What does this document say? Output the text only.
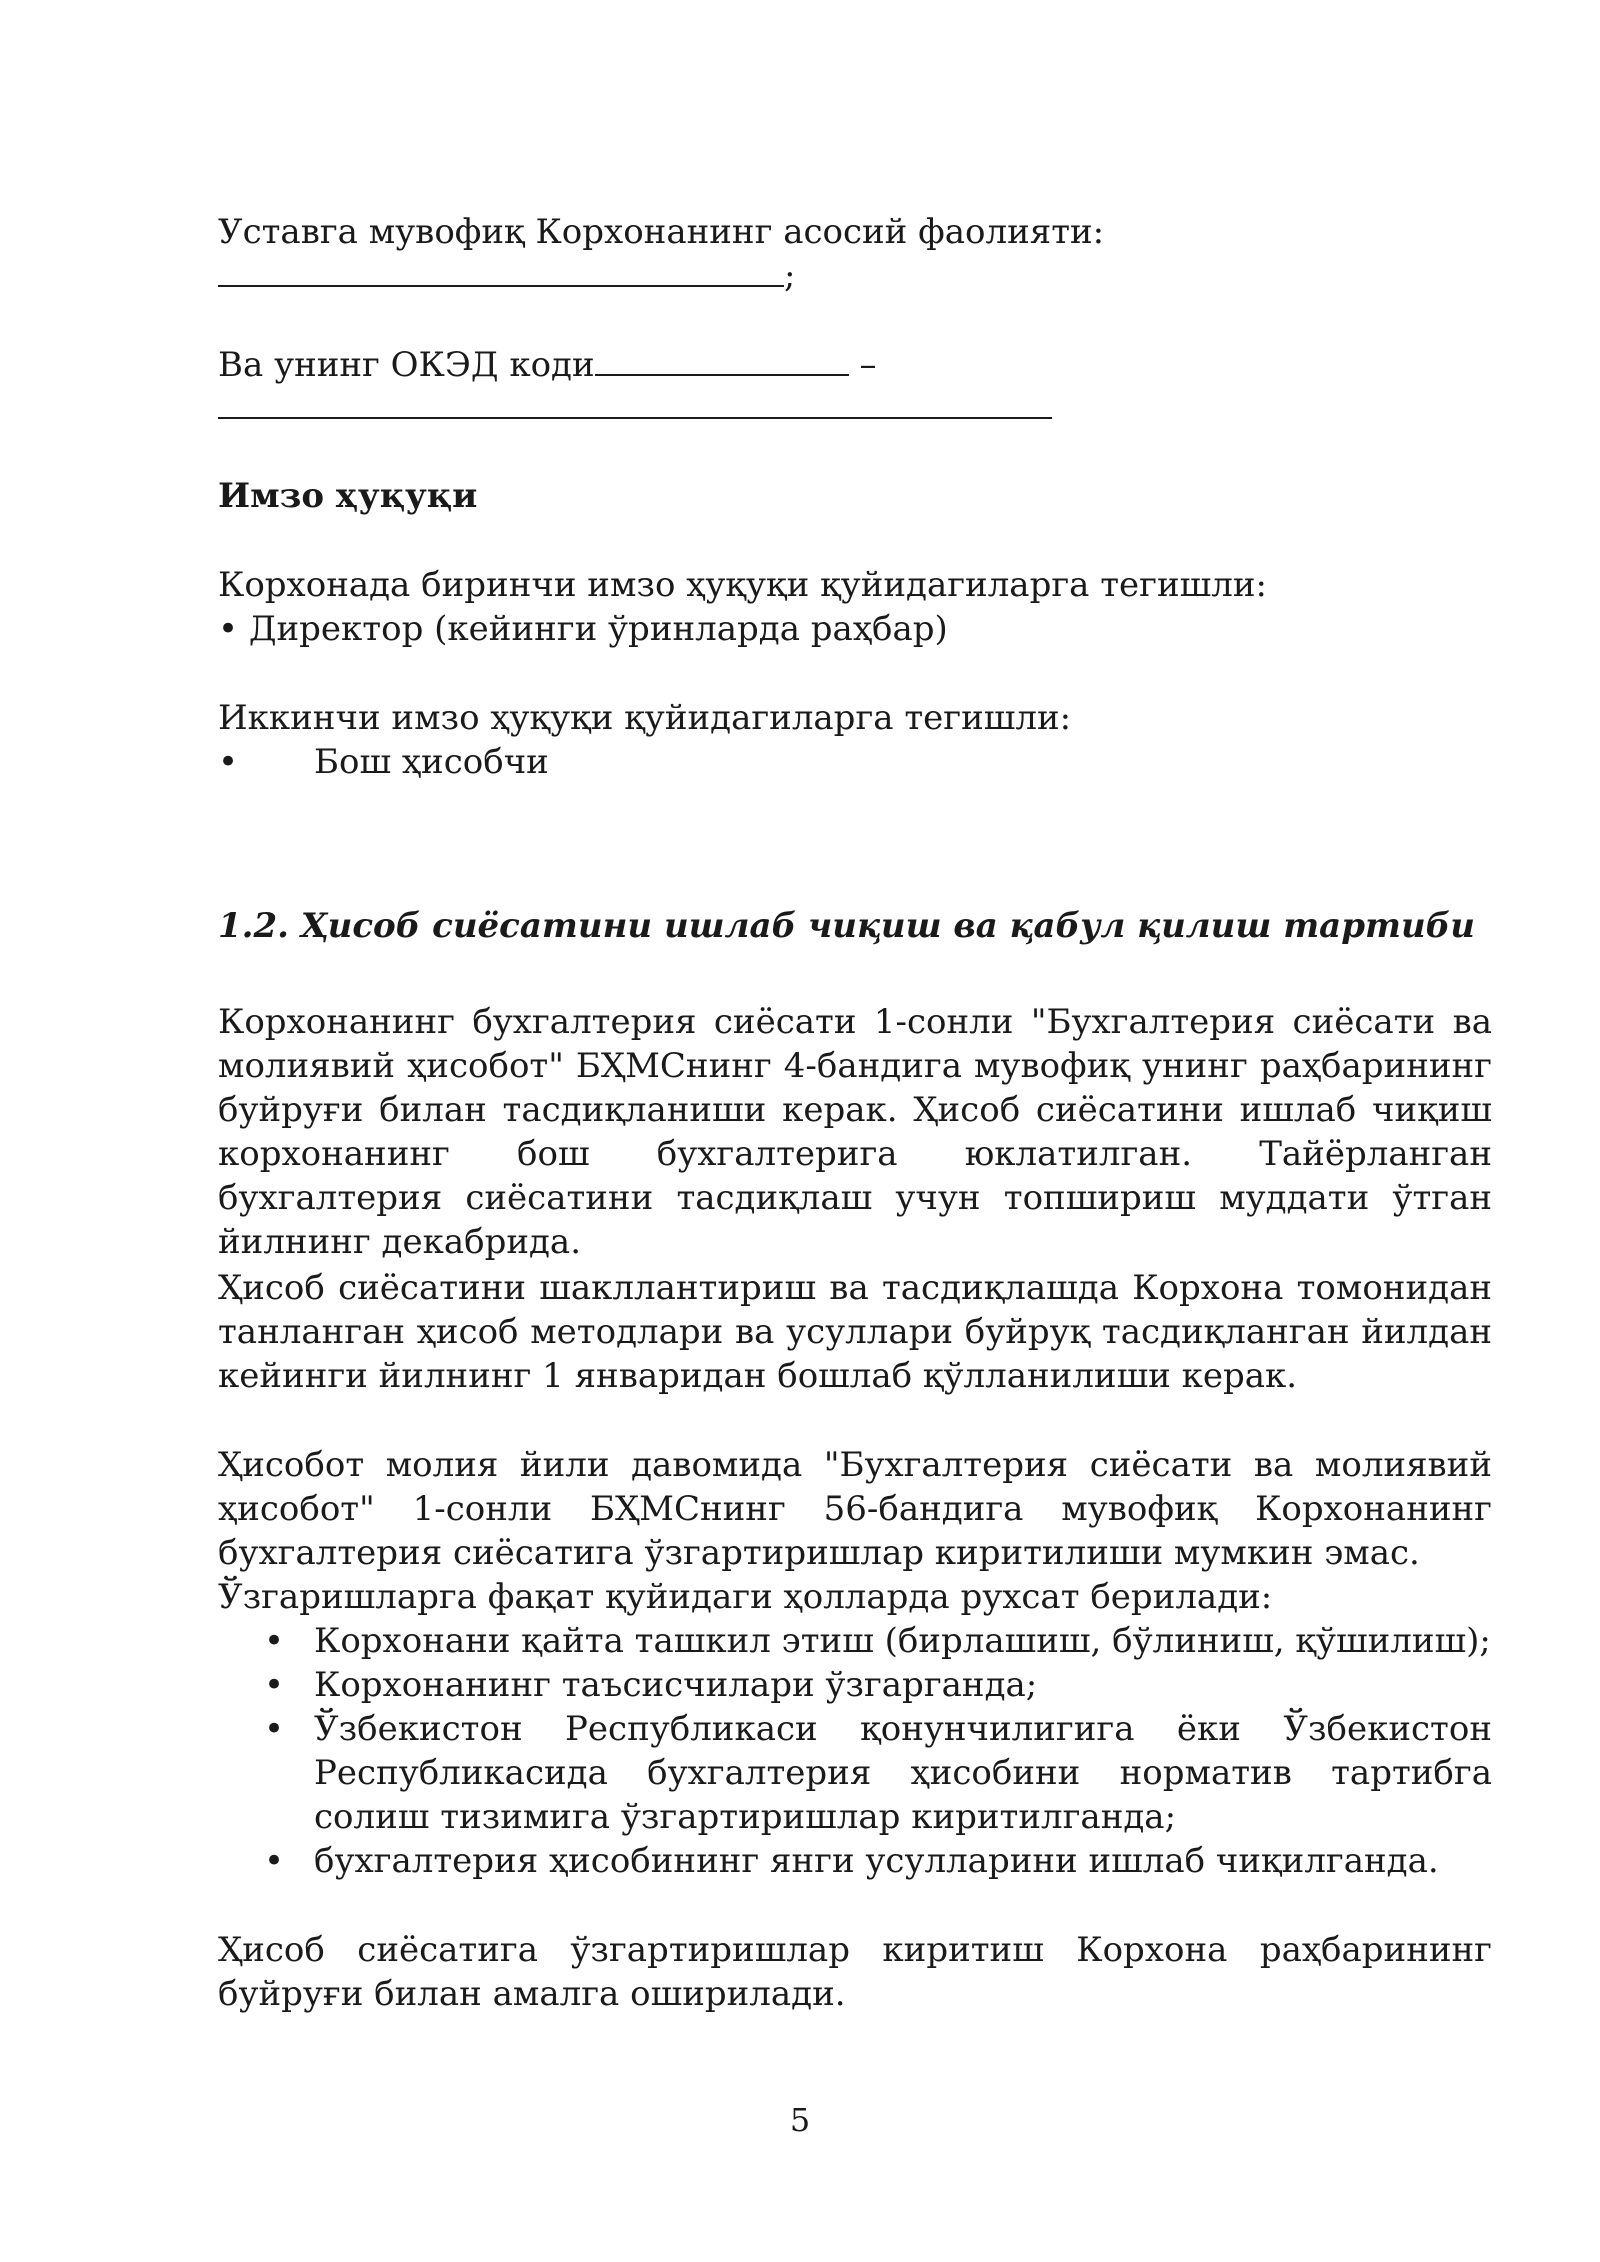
Уставга мувофиқ Корхонанинг асосий фаолияти:
;
Ва унинг ОКЭД коди	–
Имзо ҳуқуқи
Корхонада биринчи имзо ҳуқуқи қуйидагиларга тегишли:
• Директор (кейинги ўринларда раҳбар)
Иккинчи имзо ҳуқуқи қуйидагиларга тегишли:
• Бош ҳисобчи
1.2. Ҳисоб сиёсатини ишлаб чиқиш ва қабул қилиш тартиби
Корхонанинг бухгалтерия сиёсати 1-сонли "Бухгалтерия сиёсати ва молиявий ҳисобот" БҲМСнинг 4-бандига мувофиқ унинг раҳбарининг буйруғи билан тасдиқланиши керак. Ҳисоб сиёсатини ишлаб чиқиш корхонанинг бош бухгалтерига юклатилган. Тайёрланган бухгалтерия сиёсатини тасдиқлаш учун топшириш муддати ўтган йилнинг декабрида.
Ҳисоб сиёсатини шакллантириш ва тасдиқлашда Корхона томонидан танланган ҳисоб методлари ва усуллари буйруқ тасдиқланган йилдан кейинги йилнинг 1 январидан бошлаб қўлланилиши керак.
Ҳисобот молия йили давомида "Бухгалтерия сиёсати ва молиявий ҳисобот" 1-сонли БҲМСнинг 56-бандига мувофиқ Корхонанинг бухгалтерия сиёсатига ўзгартиришлар киритилиши мумкин эмас.
Ўзгаришларга фақат қуйидаги ҳолларда рухсат берилади:
• Корхонани қайта ташкил этиш (бирлашиш, бўлиниш, қўшилиш);
• Корхонанинг таъсисчилари ўзгарганда;
• Ўзбекистон Республикаси қонунчилигига ёки Ўзбекистон Республикасида бухгалтерия ҳисобини норматив тартибга солиш тизимига ўзгартиришлар киритилганда;
• бухгалтерия ҳисобининг янги усулларини ишлаб чиқилганда.
Ҳисоб сиёсатига ўзгартиришлар киритиш Корхона раҳбарининг буйруғи билан амалга оширилади.
5
